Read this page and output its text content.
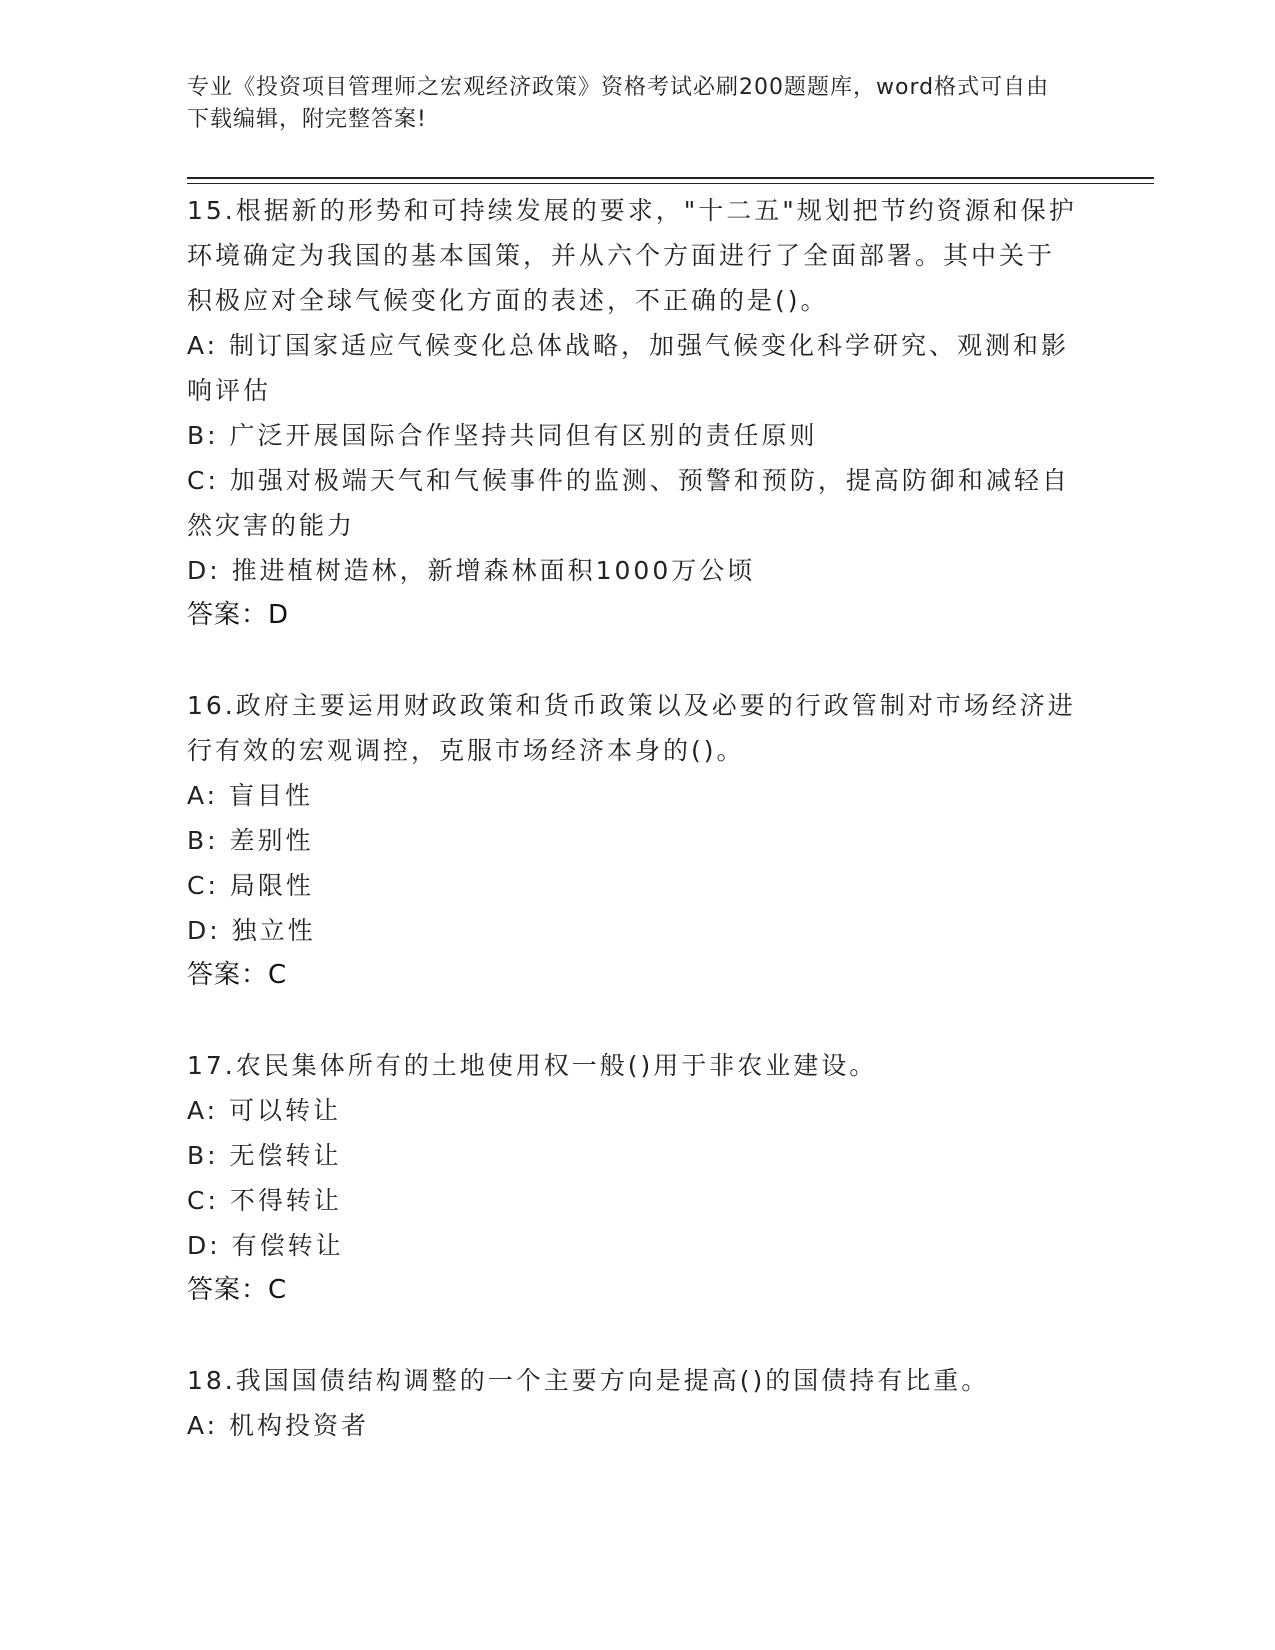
专业《投资项目管理师之宏观经济政策》资格考试必刷200题题库，word格式可自由下载编辑，附完整答案!
15.根据新的形势和可持续发展的要求，"十二五"规划把节约资源和保护环境确定为我国的基本国策，并从六个方面进行了全面部署。其中关于积极应对全球气候变化方面的表述，不正确的是()。
A: 制订国家适应气候变化总体战略，加强气候变化科学研究、观测和影响评估
B: 广泛开展国际合作坚持共同但有区别的责任原则
C: 加强对极端天气和气候事件的监测、预警和预防，提高防御和减轻自然灾害的能力
D: 推进植树造林，新增森林面积1000万公顷
答案：D
16.政府主要运用财政政策和货币政策以及必要的行政管制对市场经济进行有效的宏观调控，克服市场经济本身的()。
A: 盲目性
B: 差别性
C: 局限性
D: 独立性
答案：C
17.农民集体所有的土地使用权一般()用于非农业建设。
A: 可以转让
B: 无偿转让
C: 不得转让
D: 有偿转让
答案：C
18.我国国债结构调整的一个主要方向是提高()的国债持有比重。
A: 机构投资者
